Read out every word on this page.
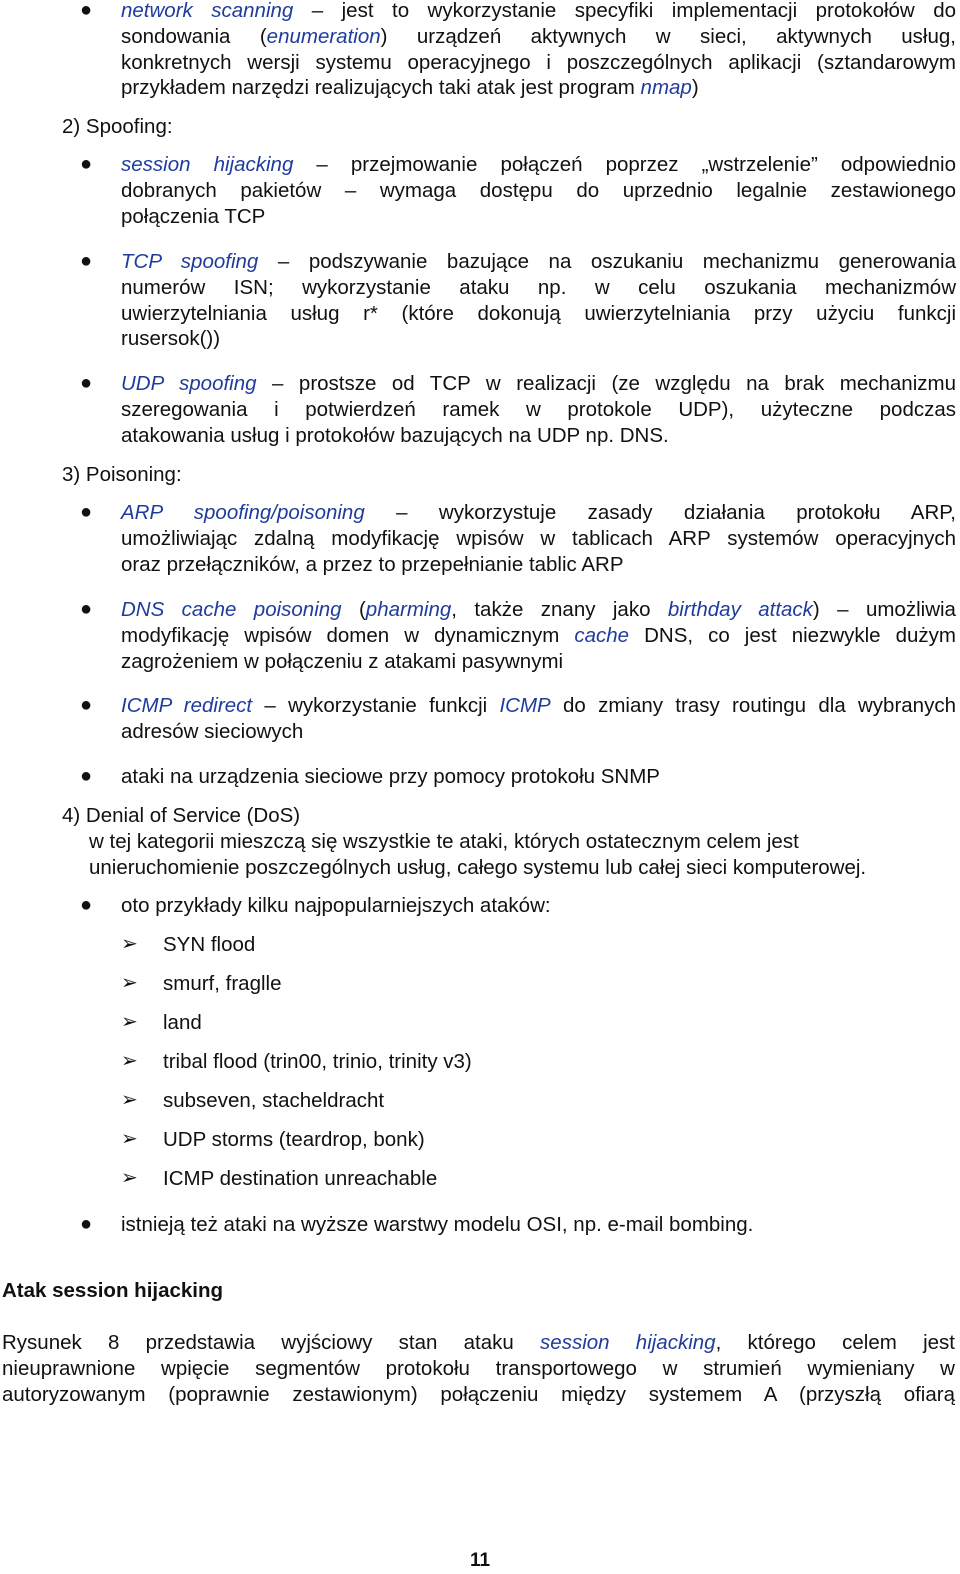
● network scanning – jest to wykorzystanie specyfiki implementacji protokołów do
sondowania (enumeration) urządzeń aktywnych w sieci, aktywnych usług,
konkretnych wersji systemu operacyjnego i poszczególnych aplikacji (sztandarowym
przykładem narzędzi realizujących taki atak jest program nmap)
2) Spoofing:
● session hijacking – przejmowanie połączeń poprzez „wstrzelenie” odpowiednio
dobranych pakietów – wymaga dostępu do uprzednio legalnie zestawionego
połączenia TCP
● TCP spoofing – podszywanie bazujące na oszukaniu mechanizmu generowania
numerów ISN; wykorzystanie ataku np. w celu oszukania mechanizmów
uwierzytelniania usług r* (które dokonują uwierzytelniania przy użyciu funkcji
rusersok())
● UDP spoofing – prostsze od TCP w realizacji (ze względu na brak mechanizmu
szeregowania i potwierdzeń ramek w protokole UDP), użyteczne podczas
atakowania usług i protokołów bazujących na UDP np. DNS.
3) Poisoning:
● ARP spoofing/poisoning – wykorzystuje zasady działania protokołu ARP,
umożliwiając zdalną modyfikację wpisów w tablicach ARP systemów operacyjnych
oraz przełączników, a przez to przepełnianie tablic ARP
● DNS cache poisoning (pharming, także znany jako birthday attack) – umożliwia
modyfikację wpisów domen w dynamicznym cache DNS, co jest niezwykle dużym
zagrożeniem w połączeniu z atakami pasywnymi
● ICMP redirect – wykorzystanie funkcji ICMP do zmiany trasy routingu dla wybranych
adresów sieciowych
● ataki na urządzenia sieciowe przy pomocy protokołu SNMP
4) Denial of Service (DoS)
w tej kategorii mieszczą się wszystkie te ataki, których ostatecznym celem jest
unieruchomienie poszczególnych usług, całego systemu lub całej sieci komputerowej.
● oto przykłady kilku najpopularniejszych ataków:
➢ SYN flood
➢ smurf, fraglle
➢ land
➢ tribal flood (trin00, trinio, trinity v3)
➢ subseven, stacheldracht
➢ UDP storms (teardrop, bonk)
➢ ICMP destination unreachable
● istnieją też ataki na wyższe warstwy modelu OSI, np. e-mail bombing.
Atak session hijacking
Rysunek 8 przedstawia wyjściowy stan ataku session hijacking, którego celem jest
nieuprawnione wpięcie segmentów protokołu transportowego w strumień wymieniany w
autoryzowanym (poprawnie zestawionym) połączeniu między systemem A (przyszłą ofiarą
11
